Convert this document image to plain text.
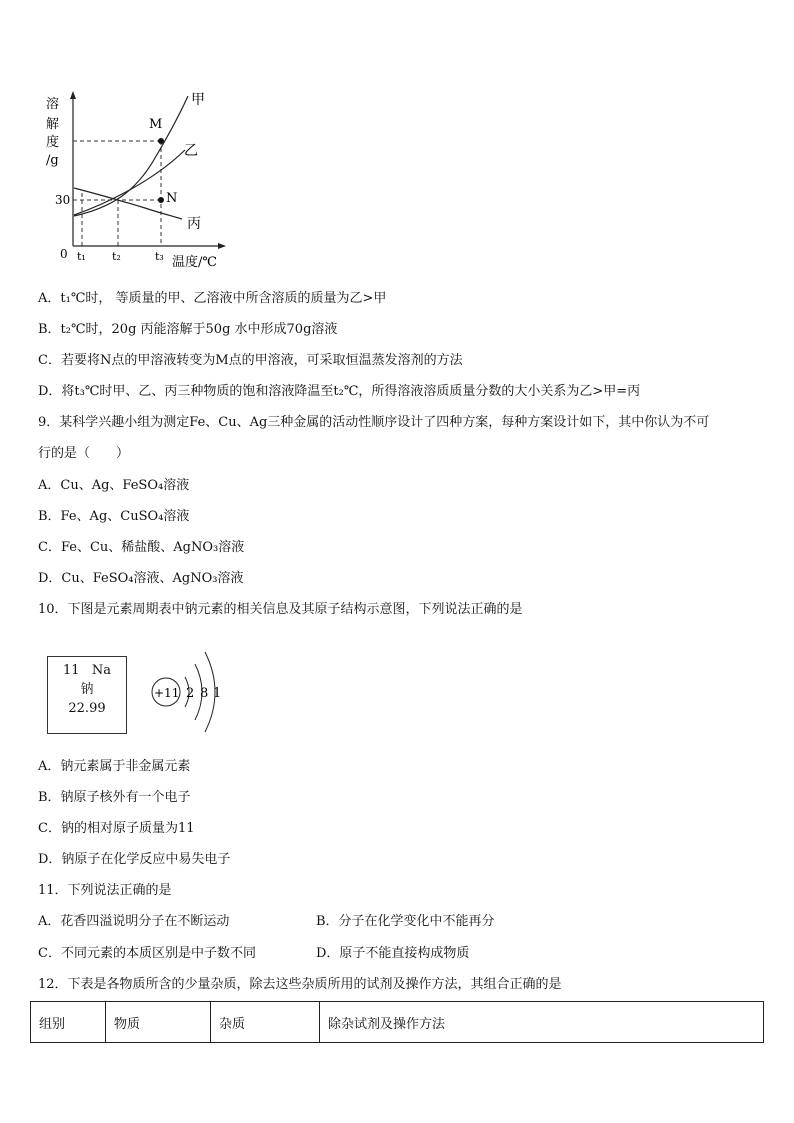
溶
解
度
/g
30
0 t₁ t₂	t₃ 温度/℃
甲
乙
丙
M
N
A．t₁℃时， 等质量的甲、乙溶液中所含溶质的质量为乙>甲
B．t₂℃时，20g 丙能溶解于50g 水中形成70g溶液
C．若要将N点的甲溶液转变为M点的甲溶液，可采取恒温蒸发溶剂的方法
D．将t₃℃时甲、乙、丙三种物质的饱和溶液降温至t₂℃，所得溶液溶质质量分数的大小关系为乙>甲=丙
9．某科学兴趣小组为测定Fe、Cu、Ag三种金属的活动性顺序设计了四种方案，每种方案设计如下，其中你认为不可
行的是（　　）
A．Cu、Ag、FeSO₄溶液
B．Fe、Ag、CuSO₄溶液
C．Fe、Cu、稀盐酸、AgNO₃溶液
D．Cu、FeSO₄溶液、AgNO₃溶液
10．下图是元素周期表中钠元素的相关信息及其原子结构示意图，下列说法正确的是
11 Na
钠
22.99
+11 2 8 1
A．钠元素属于非金属元素
B．钠原子核外有一个电子
C．钠的相对原子质量为11
D．钠原子在化学反应中易失电子
11．下列说法正确的是
A．花香四溢说明分子在不断运动	B．分子在化学变化中不能再分
C．不同元素的本质区别是中子数不同	D．原子不能直接构成物质
12．下表是各物质所含的少量杂质，除去这些杂质所用的试剂及操作方法，其组合正确的是
组别	物质	杂质	除杂试剂及操作方法
